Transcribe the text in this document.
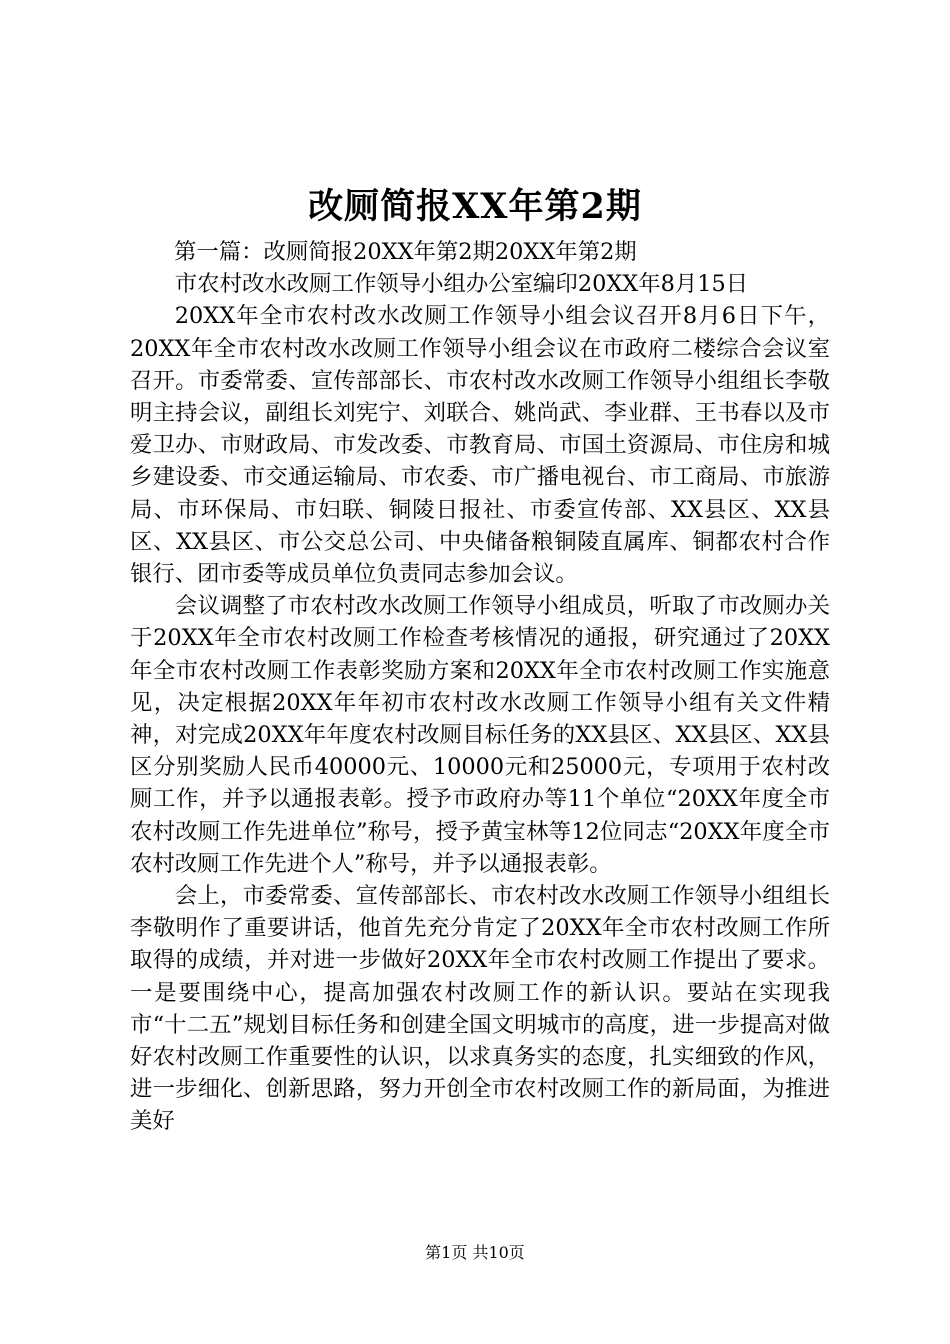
改厕简报XX年第2期

第一篇：改厕简报20XX年第2期20XX年第2期

市农村改水改厕工作领导小组办公室编印20XX年8月15日

20XX年全市农村改水改厕工作领导小组会议召开8月6日下午，20XX年全市农村改水改厕工作领导小组会议在市政府二楼综合会议室召开。市委常委、宣传部部长、市农村改水改厕工作领导小组组长李敬明主持会议，副组长刘宪宁、刘联合、姚尚武、李业群、王书春以及市爱卫办、市财政局、市发改委、市教育局、市国土资源局、市住房和城乡建设委、市交通运输局、市农委、市广播电视台、市工商局、市旅游局、市环保局、市妇联、铜陵日报社、市委宣传部、XX县区、XX县区、XX县区、市公交总公司、中央储备粮铜陵直属库、铜都农村合作银行、团市委等成员单位负责同志参加会议。

会议调整了市农村改水改厕工作领导小组成员，听取了市改厕办关于20XX年全市农村改厕工作检查考核情况的通报，研究通过了20XX年全市农村改厕工作表彰奖励方案和20XX年全市农村改厕工作实施意见，决定根据20XX年年初市农村改水改厕工作领导小组有关文件精神，对完成20XX年年度农村改厕目标任务的XX县区、XX县区、XX县区分别奖励人民币40000元、10000元和25000元，专项用于农村改厕工作，并予以通报表彰。授予市政府办等11个单位“20XX年度全市农村改厕工作先进单位”称号，授予黄宝林等12位同志“20XX年度全市农村改厕工作先进个人”称号，并予以通报表彰。

会上，市委常委、宣传部部长、市农村改水改厕工作领导小组组长李敬明作了重要讲话，他首先充分肯定了20XX年全市农村改厕工作所取得的成绩，并对进一步做好20XX年全市农村改厕工作提出了要求。一是要围绕中心，提高加强农村改厕工作的新认识。要站在实现我市“十二五”规划目标任务和创建全国文明城市的高度，进一步提高对做好农村改厕工作重要性的认识，以求真务实的态度，扎实细致的作风，进一步细化、创新思路，努力开创全市农村改厕工作的新局面，为推进美好

第1页 共10页
